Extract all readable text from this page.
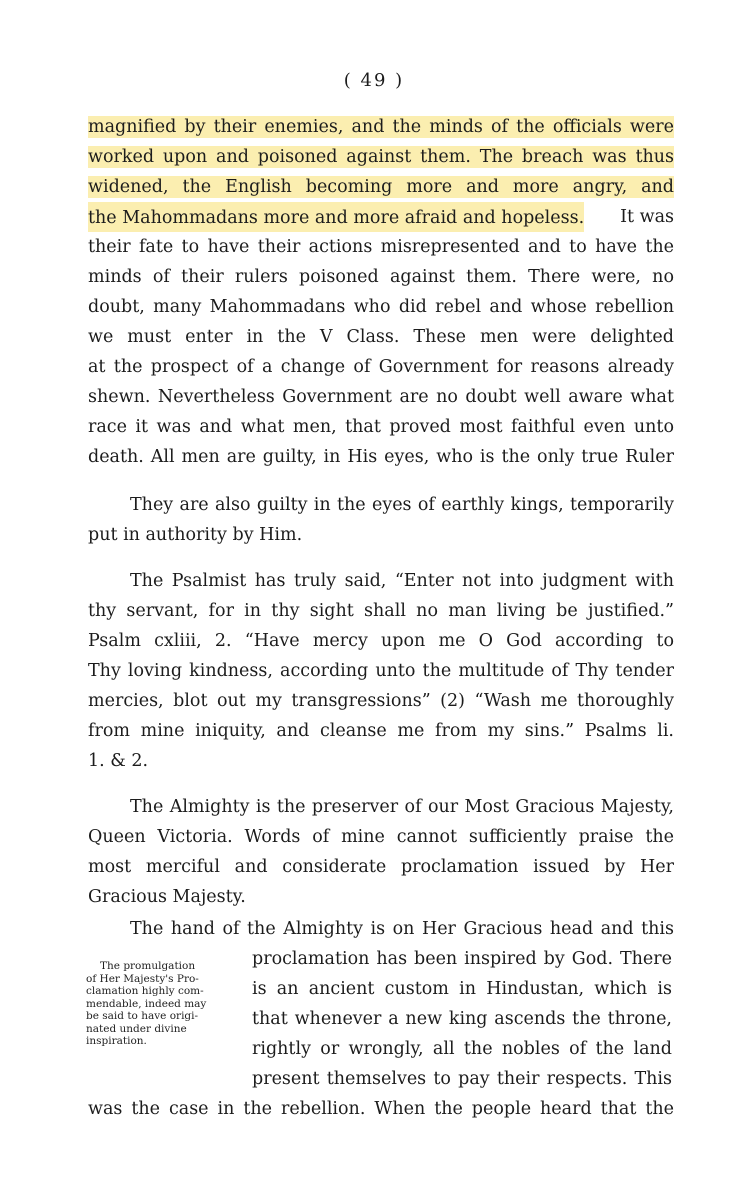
( 49 )
magnified by their enemies, and the minds of the officials were
worked upon and poisoned against them. The breach was thus
widened, the English becoming more and more angry, and
the Mahommadans more and more afraid and hopeless. It was
their fate to have their actions misrepresented and to have the
minds of their rulers poisoned against them. There were, no
doubt, many Mahommadans who did rebel and whose rebellion
we must enter in the V Class. These men were delighted
at the prospect of a change of Government for reasons already
shewn. Nevertheless Government are no doubt well aware what
race it was and what men, that proved most faithful even unto
death. All men are guilty, in His eyes, who is the only true Ruler
They are also guilty in the eyes of earthly kings, temporarily
put in authority by Him.
The Psalmist has truly said, “Enter not into judgment with
thy servant, for in thy sight shall no man living be justified.”
Psalm cxliii, 2. “Have mercy upon me O God according to
Thy loving kindness, according unto the multitude of Thy tender
mercies, blot out my transgressions” (2) “Wash me thoroughly
from mine iniquity, and cleanse me from my sins.” Psalms li.
1. & 2.
The Almighty is the preserver of our Most Gracious Majesty,
Queen Victoria. Words of mine cannot sufficiently praise the
most merciful and considerate proclamation issued by Her
Gracious Majesty.
The hand of the Almighty is on Her Gracious head and this
proclamation has been inspired by God. There
is an ancient custom in Hindustan, which is
that whenever a new king ascends the throne,
rightly or wrongly, all the nobles of the land
present themselves to pay their respects. This
was the case in the rebellion. When the people heard that the
The promulgation
of Her Majesty's Pro-
clamation highly com-
mendable, indeed may
be said to have origi-
nated under divine
inspiration.
